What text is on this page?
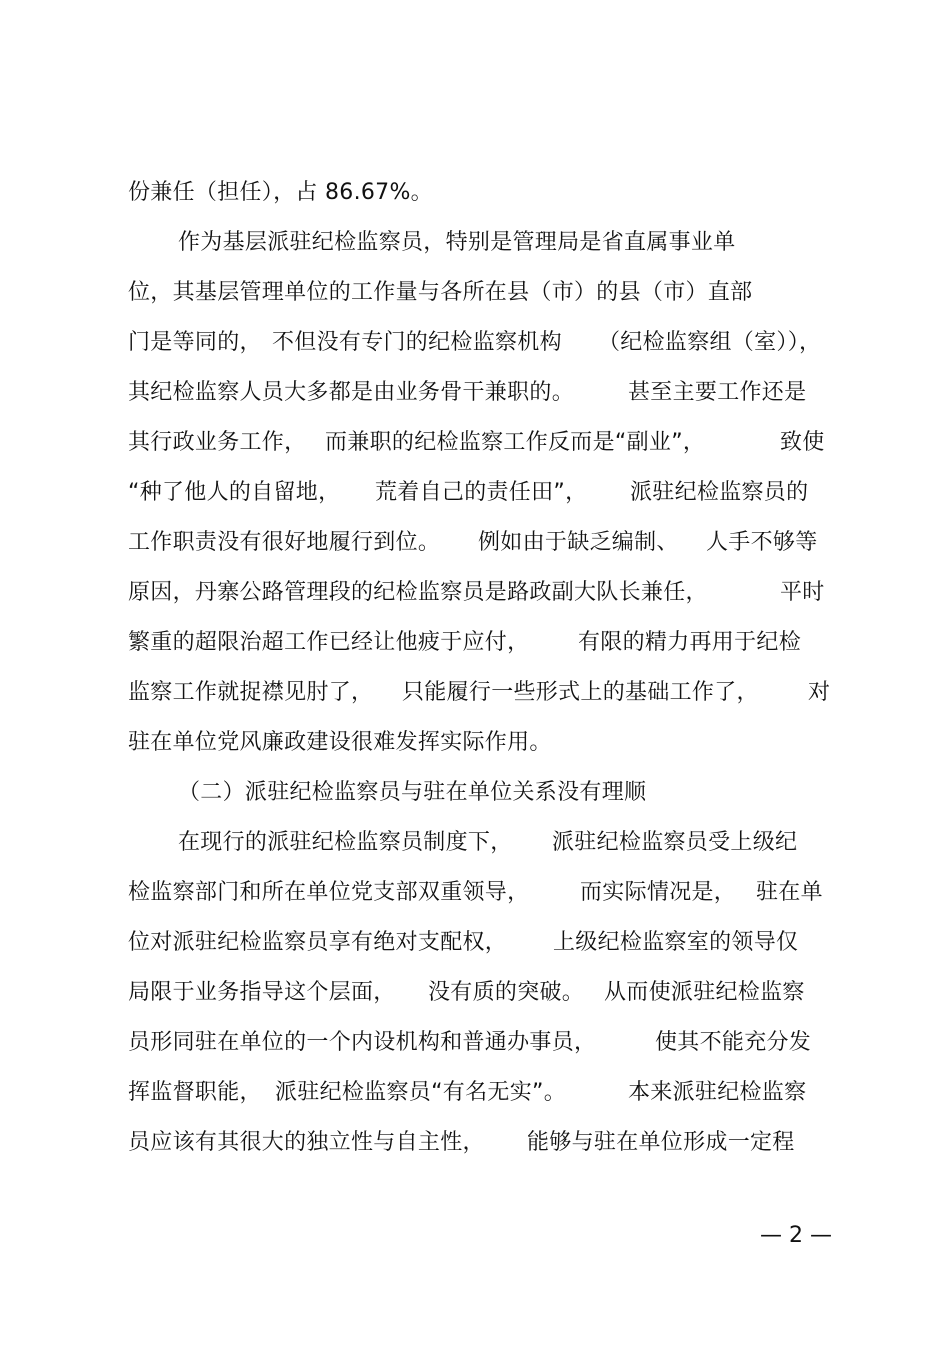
份兼任（担任），占 86.67%。
作为基层派驻纪检监察员，特别是管理局是省直属事业单
位，其基层管理单位的工作量与各所在县（市）的县（市）直部
门是等同的， 不但没有专门的纪检监察机构 （纪检监察组（室）），
其纪检监察人员大多都是由业务骨干兼职的。 甚至主要工作还是
其行政业务工作， 而兼职的纪检监察工作反而是“副业”，	致使
“种了他人的自留地， 荒着自己的责任田”， 派驻纪检监察员的
工作职责没有很好地履行到位。 例如由于缺乏编制、 人手不够等
原因，丹寨公路管理段的纪检监察员是路政副大队长兼任，	平时
繁重的超限治超工作已经让他疲于应付， 有限的精力再用于纪检
监察工作就捉襟见肘了， 只能履行一些形式上的基础工作了， 对
驻在单位党风廉政建设很难发挥实际作用。
（二）派驻纪检监察员与驻在单位关系没有理顺
在现行的派驻纪检监察员制度下， 派驻纪检监察员受上级纪
检监察部门和所在单位党支部双重领导， 而实际情况是， 驻在单
位对派驻纪检监察员享有绝对支配权， 上级纪检监察室的领导仅
局限于业务指导这个层面， 没有质的突破。 从而使派驻纪检监察
员形同驻在单位的一个内设机构和普通办事员，	使其不能充分发
挥监督职能， 派驻纪检监察员“有名无实”。	本来派驻纪检监察
员应该有其很大的独立性与自主性， 能够与驻在单位形成一定程
— 2 —
